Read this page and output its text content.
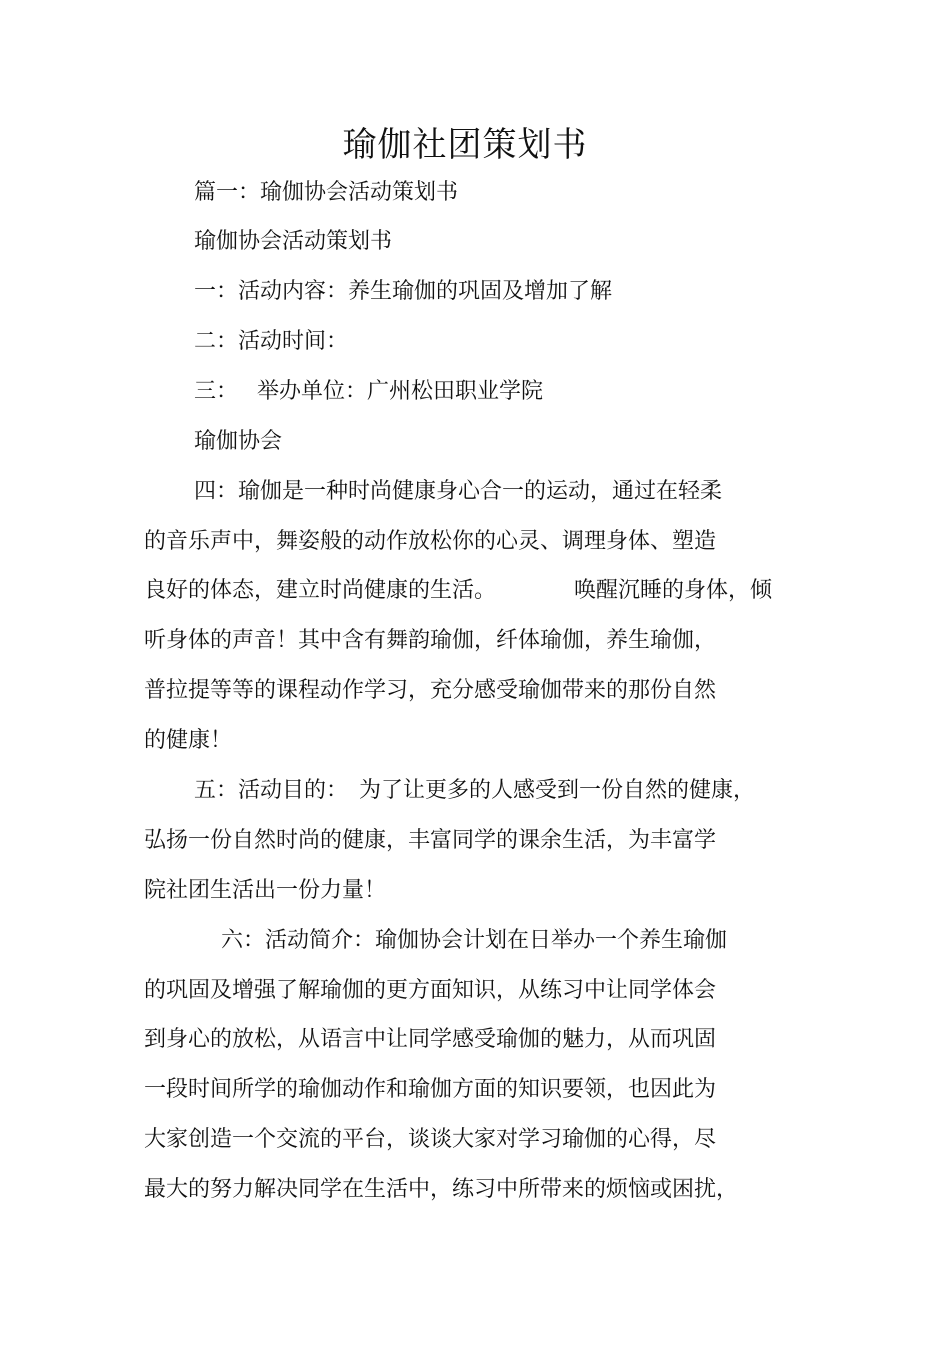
瑜伽社团策划书
篇一：瑜伽协会活动策划书
瑜伽协会活动策划书
一：活动内容：养生瑜伽的巩固及增加了解
二：活动时间：
三： 举办单位：广州松田职业学院
瑜伽协会
四：瑜伽是一种时尚健康身心合一的运动，通过在轻柔
的音乐声中，舞姿般的动作放松你的心灵、调理身体、塑造
良好的体态，建立时尚健康的生活。	唤醒沉睡的身体，倾
听身体的声音！其中含有舞韵瑜伽，纤体瑜伽，养生瑜伽，
普拉提等等的课程动作学习，充分感受瑜伽带来的那份自然
的健康！
五：活动目的： 为了让更多的人感受到一份自然的健康，
弘扬一份自然时尚的健康，丰富同学的课余生活，为丰富学
院社团生活出一份力量！
六：活动简介：瑜伽协会计划在日举办一个养生瑜伽
的巩固及增强了解瑜伽的更方面知识，从练习中让同学体会
到身心的放松，从语言中让同学感受瑜伽的魅力，从而巩固
一段时间所学的瑜伽动作和瑜伽方面的知识要领，也因此为
大家创造一个交流的平台，谈谈大家对学习瑜伽的心得，尽
最大的努力解决同学在生活中，练习中所带来的烦恼或困扰，
